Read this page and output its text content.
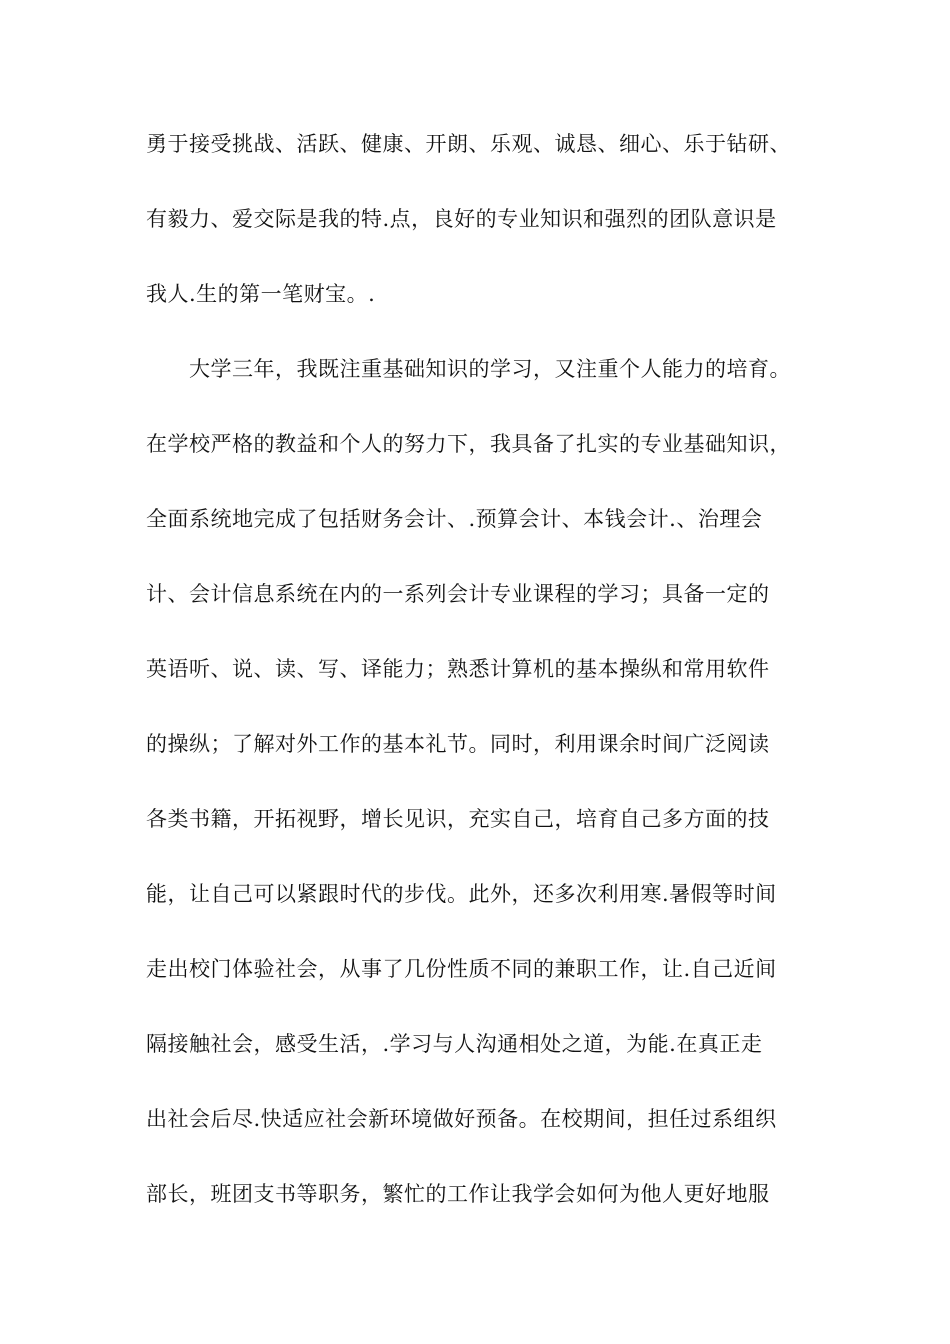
勇于接受挑战、活跃、健康、开朗、乐观、诚恳、细心、乐于钻研、
有毅力、爱交际是我的特.点，良好的专业知识和强烈的团队意识是
我人.生的第一笔财宝。.
大学三年，我既注重基础知识的学习，又注重个人能力的培育。
在学校严格的教益和个人的努力下，我具备了扎实的专业基础知识，
全面系统地完成了包括财务会计、.预算会计、本钱会计.、治理会
计、会计信息系统在内的一系列会计专业课程的学习；具备一定的
英语听、说、读、写、译能力；熟悉计算机的基本操纵和常用软件
的操纵；了解对外工作的基本礼节。同时，利用课余时间广泛阅读
各类书籍，开拓视野，增长见识，充实自己，培育自己多方面的技
能，让自己可以紧跟时代的步伐。此外，还多次利用寒.暑假等时间
走出校门体验社会，从事了几份性质不同的兼职工作，让.自己近间
隔接触社会，感受生活，.学习与人沟通相处之道，为能.在真正走
出社会后尽.快适应社会新环境做好预备。在校期间，担任过系组织
部长，班团支书等职务，繁忙的工作让我学会如何为他人更好地服
